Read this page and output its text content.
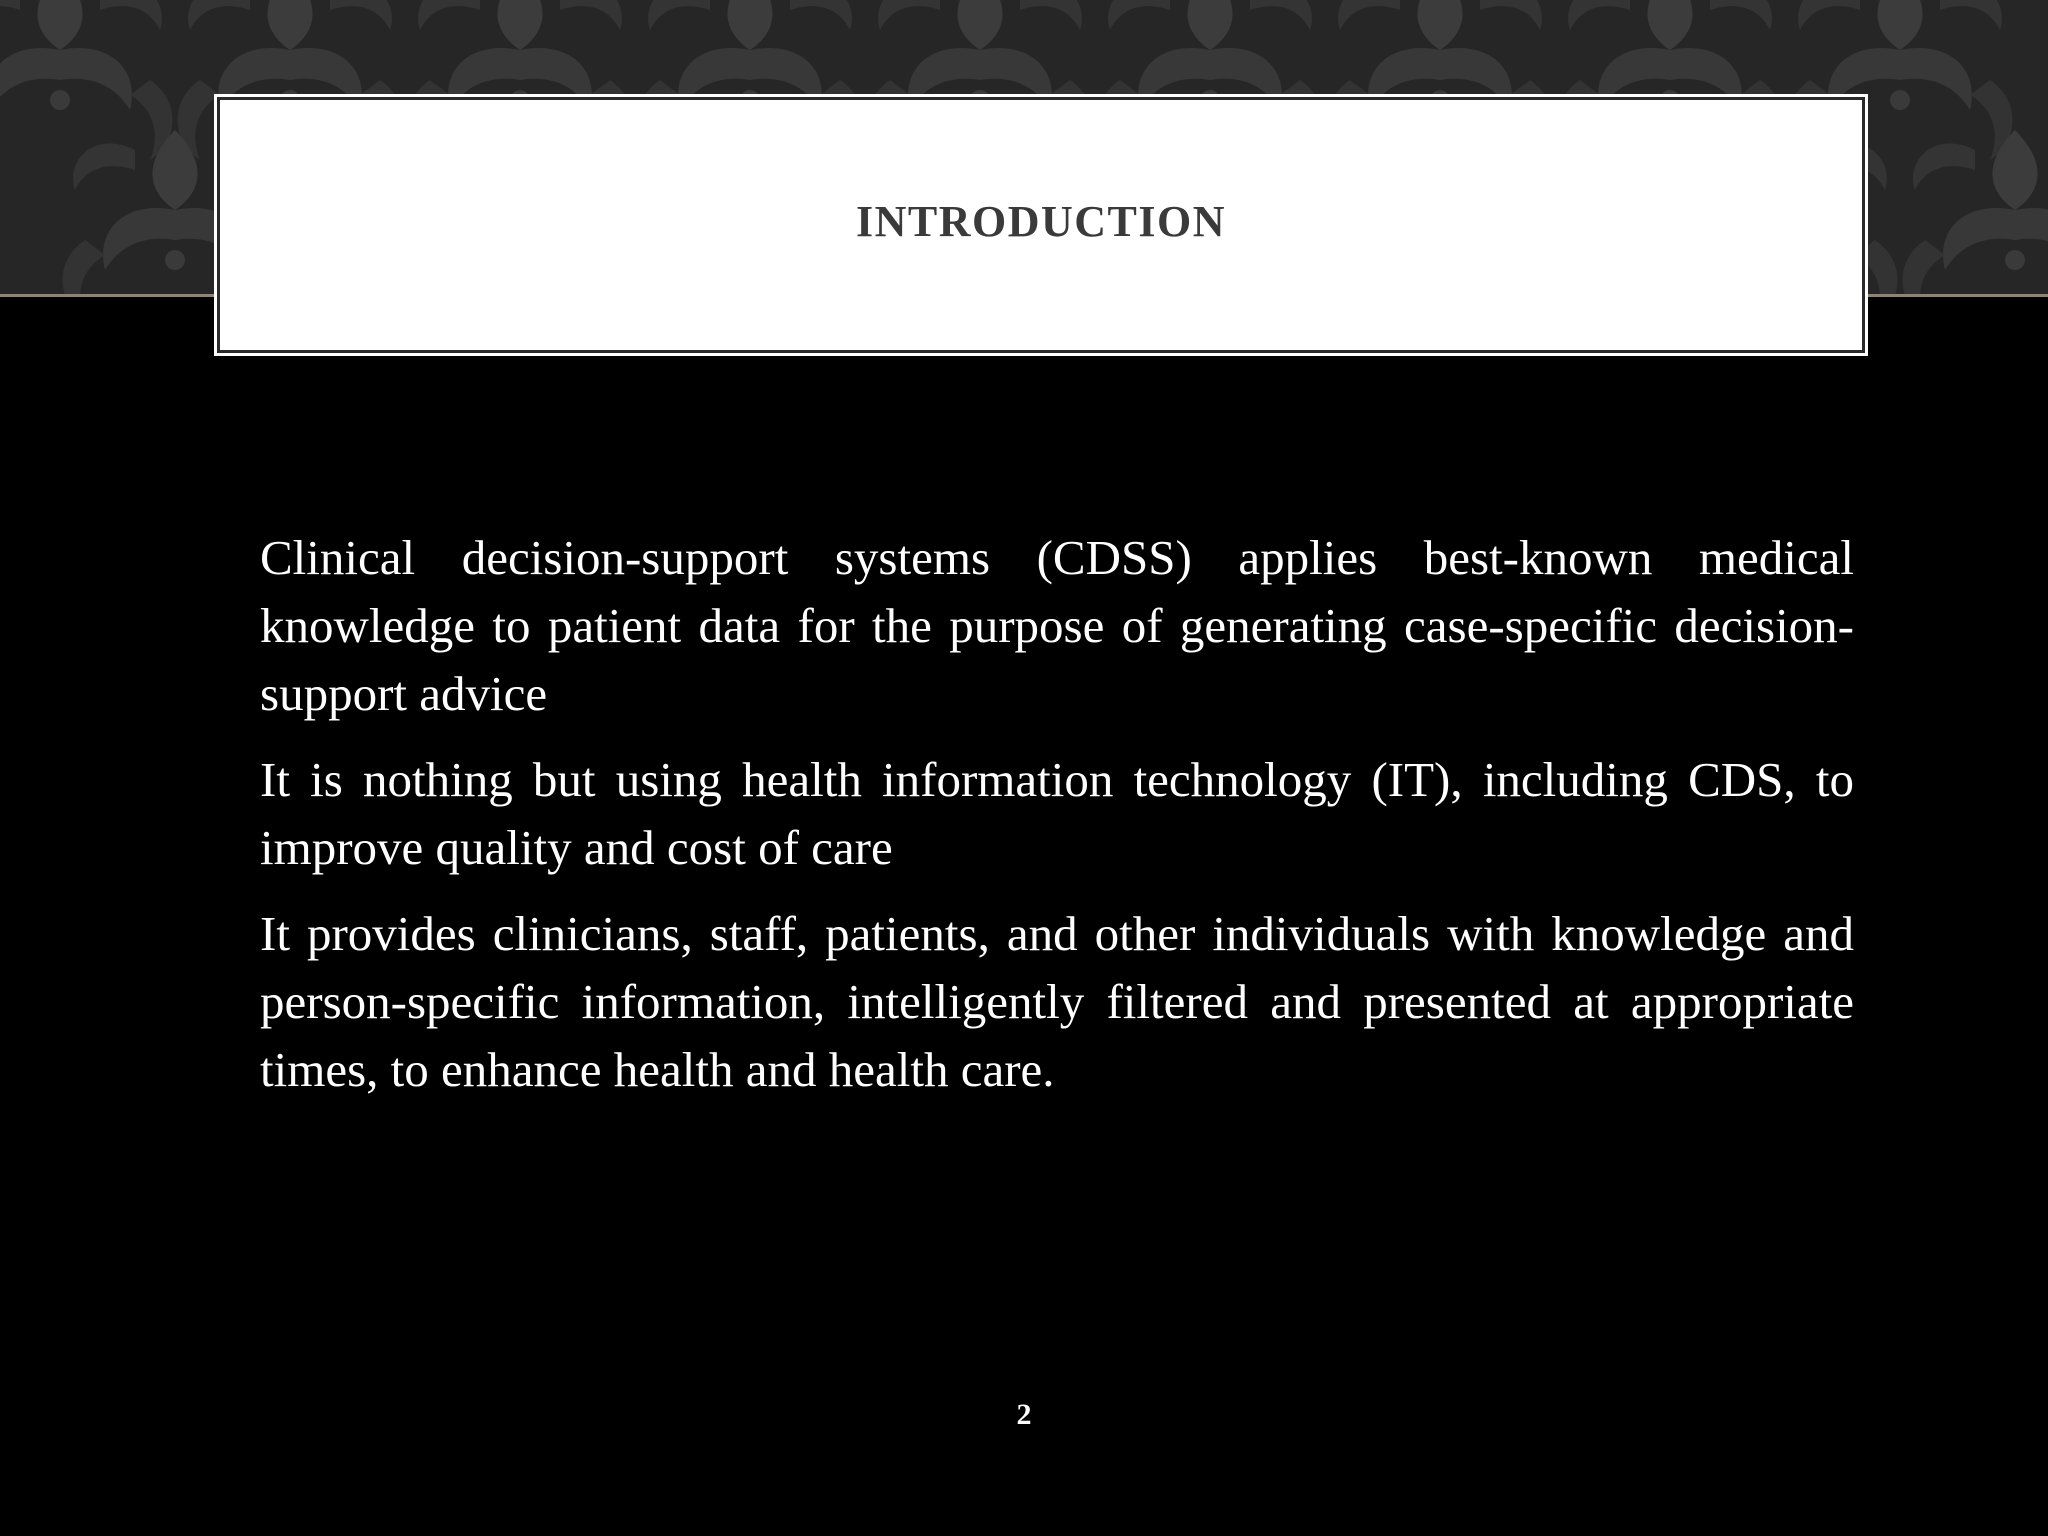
INTRODUCTION

Clinical decision-support systems (CDSS) applies best-known medical knowledge to patient data for the purpose of generating case-specific decision-support advice

It is nothing but using health information technology (IT), including CDS, to improve quality and cost of care

It provides clinicians, staff, patients, and other individuals with knowledge and person-specific information, intelligently filtered and presented at appropriate times, to enhance health and health care.

2
